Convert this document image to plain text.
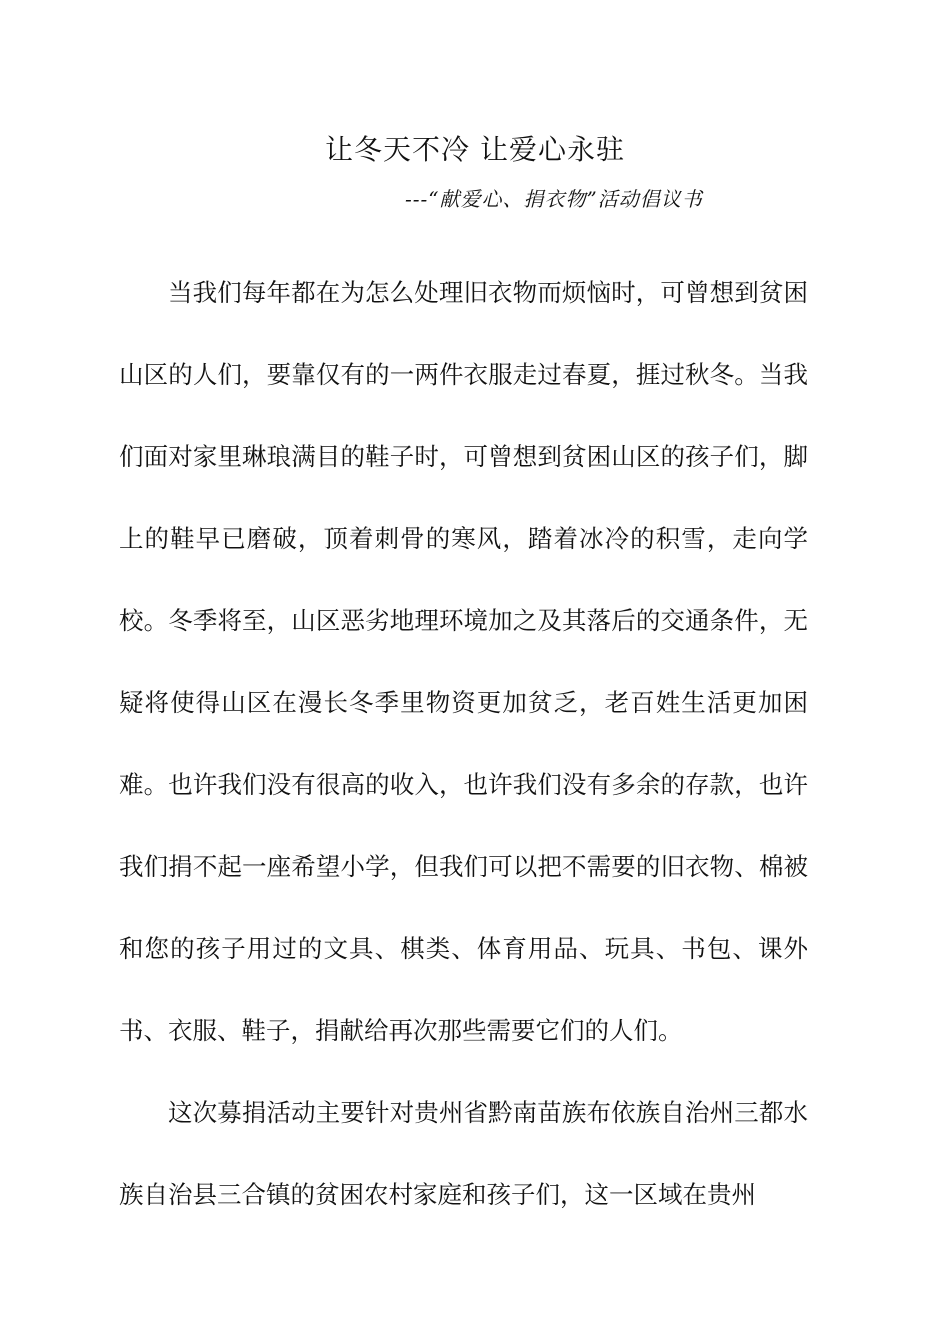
让冬天不冷 让爱心永驻
---“献爱心、捐衣物”活动倡议书

当我们每年都在为怎么处理旧衣物而烦恼时，可曾想到贫困山区的人们，要靠仅有的一两件衣服走过春夏，捱过秋冬。当我们面对家里琳琅满目的鞋子时，可曾想到贫困山区的孩子们，脚上的鞋早已磨破，顶着刺骨的寒风，踏着冰冷的积雪，走向学校。冬季将至，山区恶劣地理环境加之及其落后的交通条件，无疑将使得山区在漫长冬季里物资更加贫乏，老百姓生活更加困难。也许我们没有很高的收入，也许我们没有多余的存款，也许我们捐不起一座希望小学，但我们可以把不需要的旧衣物、棉被和您的孩子用过的文具、棋类、体育用品、玩具、书包、课外书、衣服、鞋子，捐献给再次那些需要它们的人们。

这次募捐活动主要针对贵州省黔南苗族布依族自治州三都水族自治县三合镇的贫困农村家庭和孩子们，这一区域在贵州
